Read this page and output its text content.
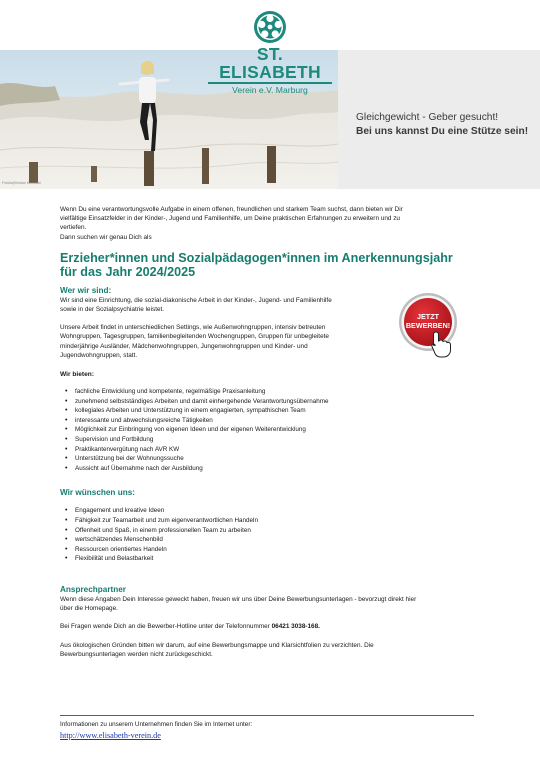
Gleichgewicht - Geber gesucht!
Bei uns kannst Du eine Stütze sein!
Fotolia|Kristian Kowalski
ST. ELISABETH
Verein e.V. Marburg

Wenn Du eine verantwortungsvolle Aufgabe in einem offenen, freundlichen und starkem Team suchst, dann bieten wir Dir
vielfältige Einsatzfelder in der Kinder-, Jugend und Familienhilfe, um Deine praktischen Erfahrungen zu erweitern und zu
vertiefen.
Dann suchen wir genau Dich als

Erzieher*innen und Sozialpädagogen*innen im Anerkennungsjahr
für das Jahr 2024/2025
Wer wir sind:

Wir sind eine Einrichtung, die sozial-diakonische Arbeit in der Kinder-, Jugend- und Familienhilfe
sowie in der Sozialpsychiatrie leistet.

Unsere Arbeit findet in unterschiedlichen Settings, wie Außenwohngruppen, intensiv betreuten
Wohngruppen, Tagesgruppen, familienbegleitenden Wochengruppen, Gruppen für unbegleitete
minderjährige Ausländer, Mädchenwohngruppen, Jungenwohngruppen und Kinder- und
Jugendwohngruppen, statt.

Wir bieten:
• fachliche Entwicklung und kompetente, regelmäßige Praxisanleitung
• zunehmend selbstständiges Arbeiten und damit einhergehende Verantwortungsübernahme
• kollegiales Arbeiten und Unterstützung in einem engagierten, sympathischen Team
• interessante und abwechslungsreiche Tätigkeiten
• Möglichkeit zur Einbringung von eigenen Ideen und der eigenen Weiterentwicklung
• Supervision und Fortbildung
• Praktikantenvergütung nach AVR KW
• Unterstützung bei der Wohnungssuche
• Aussicht auf Übernahme nach der Ausbildung
Wir wünschen uns:
• Engagement und kreative Ideen
• Fähigkeit zur Teamarbeit und zum eigenverantwortlichen Handeln
• Offenheit und Spaß, in einem professionellen Team zu arbeiten
• wertschätzendes Menschenbild
• Ressourcen orientiertes Handeln
• Flexibilität und Belastbarkeit
Ansprechpartner

Wenn diese Angaben Dein Interesse geweckt haben, freuen wir uns über Deine Bewerbungsunterlagen - bevorzugt direkt hier
über die Homepage.

Bei Fragen wende Dich an die Bewerber-Hotline unter der Telefonnummer 06421 3038-168.

Aus ökologischen Gründen bitten wir darum, auf eine Bewerbungsmappe und Klarsichtfolien zu verzichten. Die
Bewerbungsunterlagen werden nicht zurückgeschickt.

JETZT
BEWERBEN!
Informationen zu unserem Unternehmen finden Sie im Internet unter:
http://www.elisabeth-verein.de
